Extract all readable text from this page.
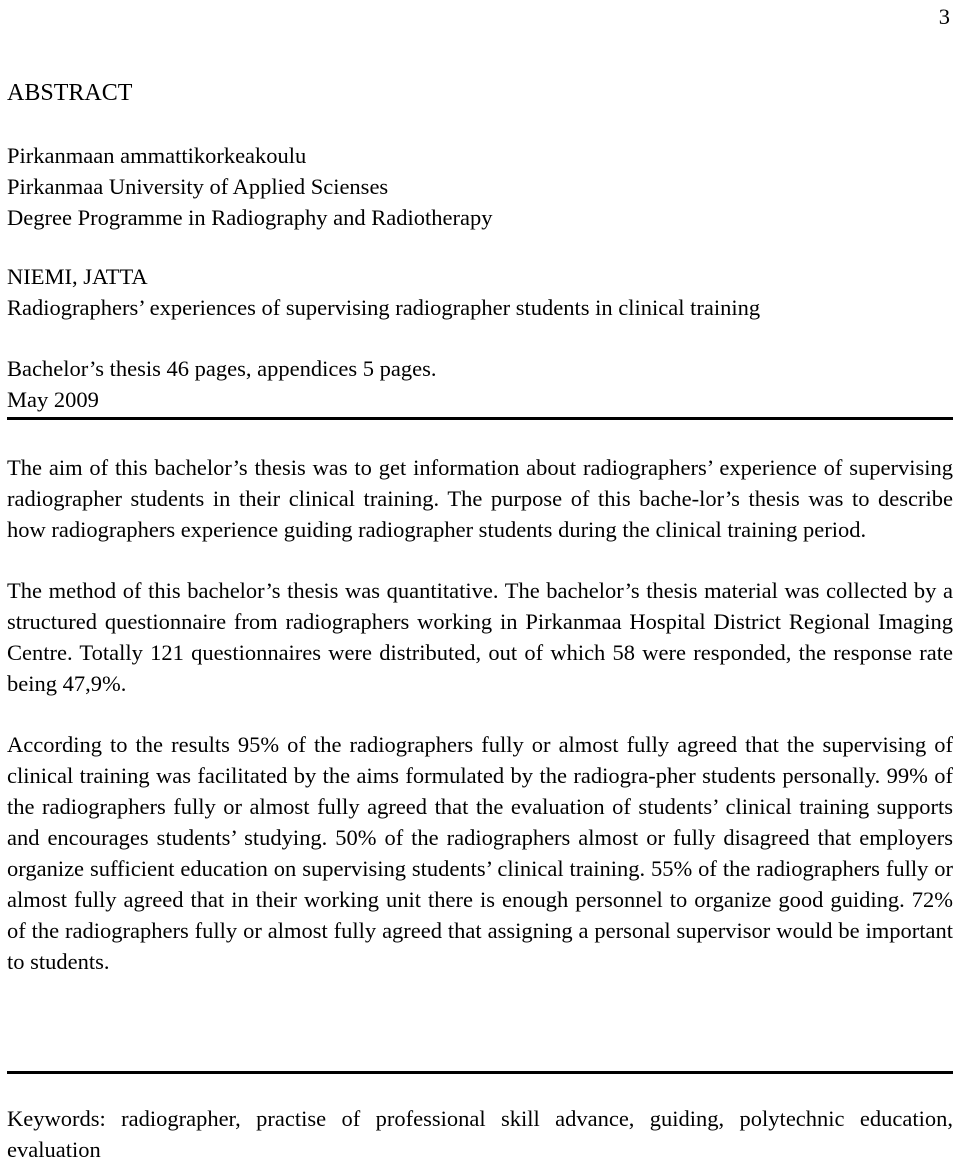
3
ABSTRACT
Pirkanmaan ammattikorkeakoulu
Pirkanmaa University of Applied Scienses
Degree Programme in Radiography and Radiotherapy
NIEMI, JATTA
Radiographers’ experiences of supervising radiographer students in clinical training
Bachelor’s thesis 46 pages, appendices 5 pages.
May 2009

The aim of this bachelor’s thesis was to get information about radiographers’ experience of supervising radiographer students in their clinical training. The purpose of this bache-lor’s thesis was to describe how radiographers experience guiding radiographer students during the clinical training period.

The method of this bachelor’s thesis was quantitative. The bachelor’s thesis material was collected by a structured questionnaire from radiographers working in Pirkanmaa Hospital District Regional Imaging Centre. Totally 121 questionnaires were distributed, out of which 58 were responded, the response rate being 47,9%.

According to the results 95% of the radiographers fully or almost fully agreed that the supervising of clinical training was facilitated by the aims formulated by the radiogra-pher students personally. 99% of the radiographers fully or almost fully agreed that the evaluation of students’ clinical training supports and encourages students’ studying. 50% of the radiographers almost or fully disagreed that employers organize sufficient education on supervising students’ clinical training. 55% of the radiographers fully or almost fully agreed that in their working unit there is enough personnel to organize good guiding. 72% of the radiographers fully or almost fully agreed that assigning a personal supervisor would be important to students.

Keywords: radiographer, practise of professional skill advance, guiding, polytechnic education, evaluation
